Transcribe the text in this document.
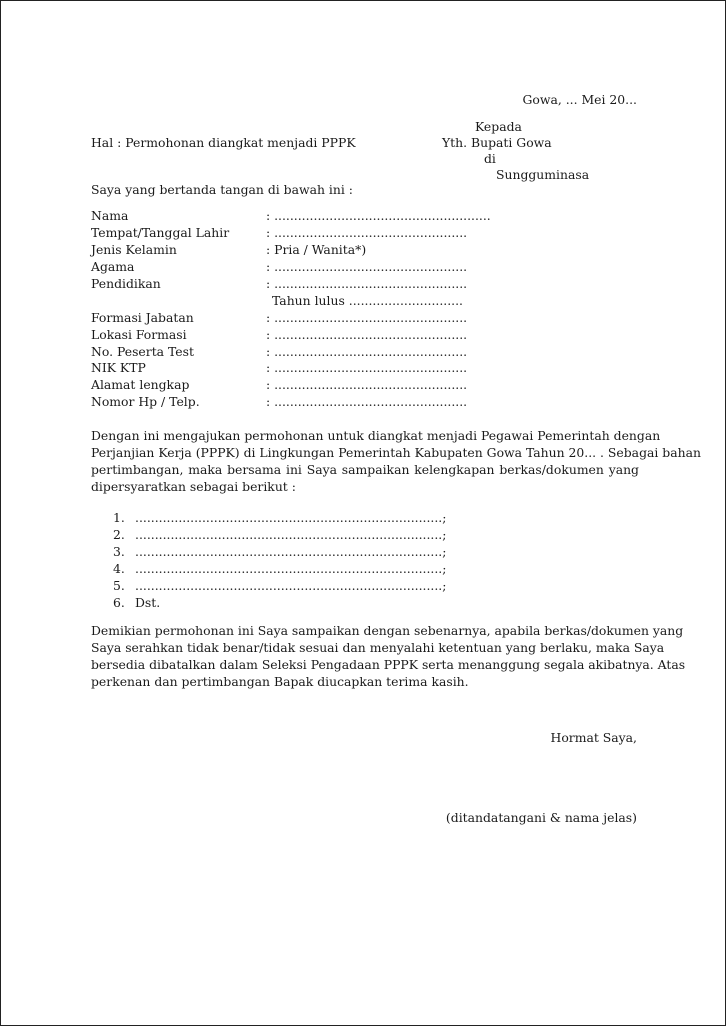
Gowa, ... Mei 20...
Kepada
Hal : Permohonan diangkat menjadi PPPK	Yth. Bupati Gowa
di
Sungguminasa
Saya yang bertanda tangan di bawah ini :
Nama	: .......................................................
Tempat/Tanggal Lahir	: .................................................
Jenis Kelamin	: Pria / Wanita*)
Agama	: .................................................
Pendidikan	: .................................................
Tahun lulus .............................
Formasi Jabatan	: .................................................
Lokasi Formasi	: .................................................
No. Peserta Test	: .................................................
NIK KTP	: .................................................
Alamat lengkap	: .................................................
Nomor Hp / Telp.	: .................................................
Dengan ini mengajukan permohonan untuk diangkat menjadi Pegawai Pemerintah dengan
Perjanjian Kerja (PPPK) di Lingkungan Pemerintah Kabupaten Gowa Tahun 20... . Sebagai bahan
pertimbangan, maka bersama ini Saya sampaikan kelengkapan berkas/dokumen yang
dipersyaratkan sebagai berikut :
1. ..............................................................................;
2. ..............................................................................;
3. ..............................................................................;
4. ..............................................................................;
5. ..............................................................................;
6. Dst.
Demikian permohonan ini Saya sampaikan dengan sebenarnya, apabila berkas/dokumen yang
Saya serahkan tidak benar/tidak sesuai dan menyalahi ketentuan yang berlaku, maka Saya
bersedia dibatalkan dalam Seleksi Pengadaan PPPK serta menanggung segala akibatnya. Atas
perkenan dan pertimbangan Bapak diucapkan terima kasih.
Hormat Saya,
(ditandatangani & nama jelas)
